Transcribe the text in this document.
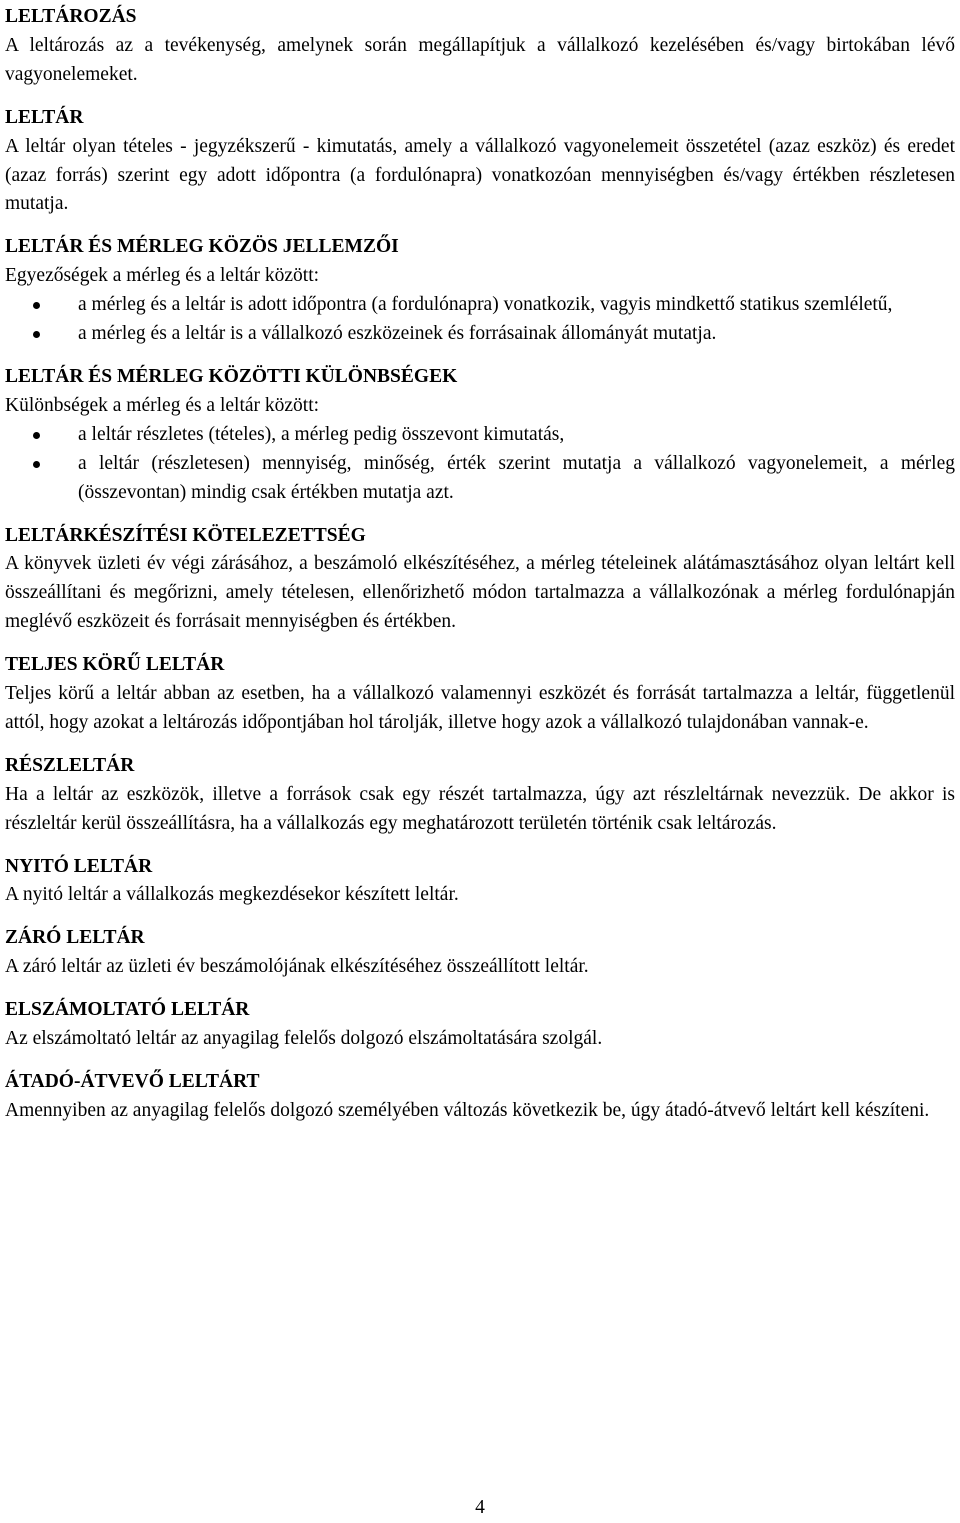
LELTÁROZÁS

A leltározás az a tevékenység, amelynek során megállapítjuk a vállalkozó kezelésében és/vagy birtokában lévő vagyonelemeket.

LELTÁR

A leltár olyan tételes - jegyzékszerű - kimutatás, amely a vállalkozó vagyonelemeit összetétel (azaz eszköz) és eredet (azaz forrás) szerint egy adott időpontra (a fordulónapra) vonatkozóan mennyiségben és/vagy értékben részletesen mutatja.

LELTÁR ÉS MÉRLEG KÖZÖS JELLEMZŐI

Egyezőségek a mérleg és a leltár között:

a mérleg és a leltár is adott időpontra (a fordulónapra) vonatkozik, vagyis mindkettő statikus szemléletű,
a mérleg és a leltár is a vállalkozó eszközeinek és forrásainak állományát mutatja.
LELTÁR ÉS MÉRLEG KÖZÖTTI KÜLÖNBSÉGEK

Különbségek a mérleg és a leltár között:

a leltár részletes (tételes), a mérleg pedig összevont kimutatás,
a leltár (részletesen) mennyiség, minőség, érték szerint mutatja a vállalkozó vagyonelemeit, a mérleg (összevontan) mindig csak értékben mutatja azt.
LELTÁRKÉSZÍTÉSI KÖTELEZETTSÉG

A könyvek üzleti év végi zárásához, a beszámoló elkészítéséhez, a mérleg tételeinek alátámasztásához olyan leltárt kell összeállítani és megőrizni, amely tételesen, ellenőrizhető módon tartalmazza a vállalkozónak a mérleg fordulónapján meglévő eszközeit és forrásait mennyiségben és értékben.

TELJES KÖRŰ LELTÁR

Teljes körű a leltár abban az esetben, ha a vállalkozó valamennyi eszközét és forrását tartalmazza a leltár, függetlenül attól, hogy azokat a leltározás időpontjában hol tárolják, illetve hogy azok a vállalkozó tulajdonában vannak-e.

RÉSZLELTÁR

Ha a leltár az eszközök, illetve a források csak egy részét tartalmazza, úgy azt részleltárnak nevezzük. De akkor is részleltár kerül összeállításra, ha a vállalkozás egy meghatározott területén történik csak leltározás.

NYITÓ LELTÁR

A nyitó leltár a vállalkozás megkezdésekor készített leltár.

ZÁRÓ LELTÁR

A záró leltár az üzleti év beszámolójának elkészítéséhez összeállított leltár.

ELSZÁMOLTATÓ LELTÁR

Az elszámoltató leltár az anyagilag felelős dolgozó elszámoltatására szolgál.

ÁTADÓ-ÁTVEVŐ LELTÁRT

Amennyiben az anyagilag felelős dolgozó személyében változás következik be, úgy átadó-átvevő leltárt kell készíteni.

4
